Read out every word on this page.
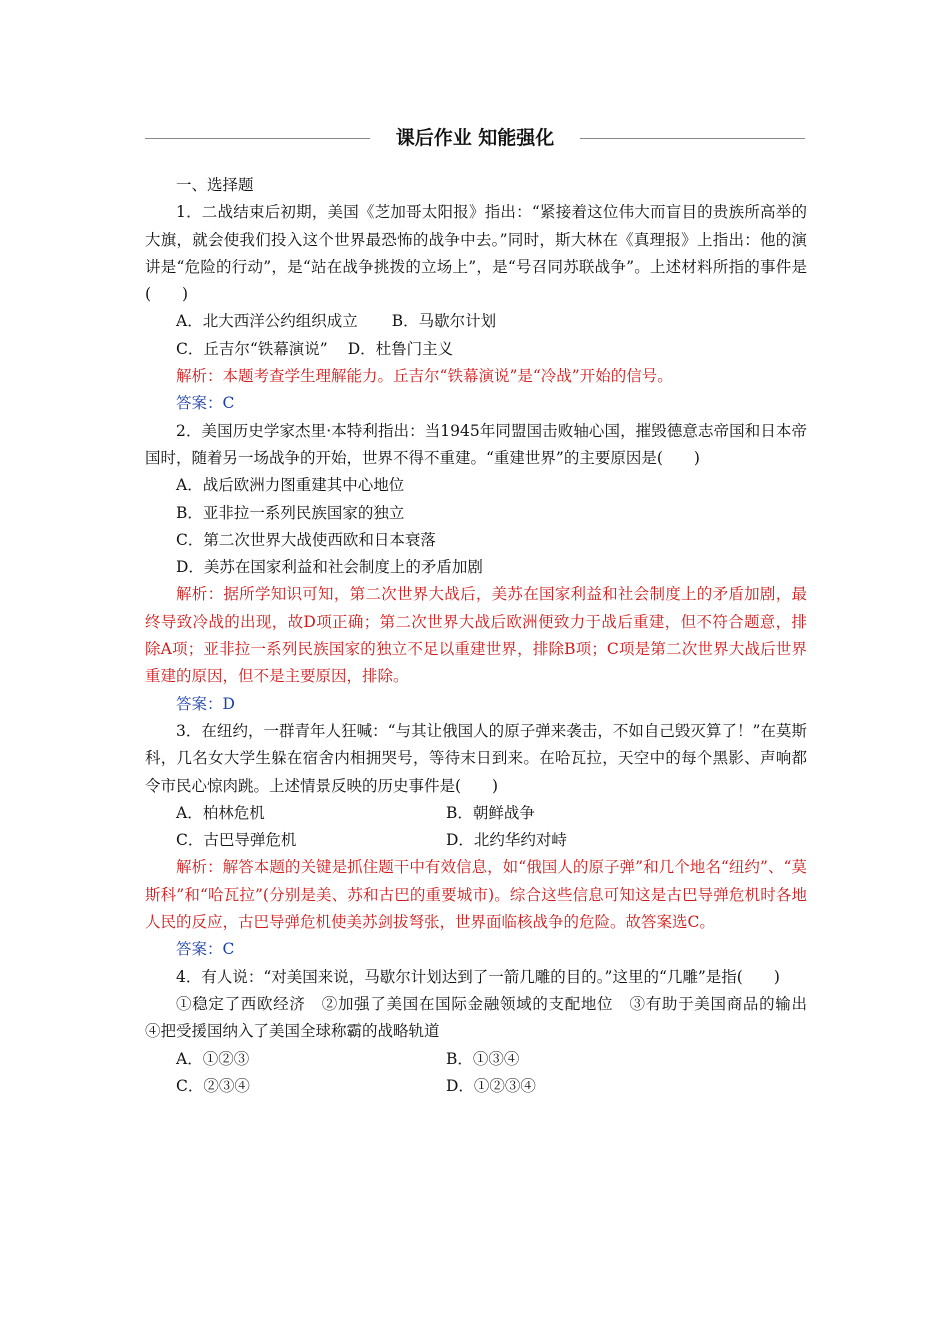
课后作业 知能强化

一、选择题

1．二战结束后初期，美国《芝加哥太阳报》指出：“紧接着这位伟大而盲目的贵族所高举的大旗，就会使我们投入这个世界最恐怖的战争中去。”同时，斯大林在《真理报》上指出：他的演讲是“危险的行动”，是“站在战争挑拨的立场上”，是“号召同苏联战争”。上述材料所指的事件是(　　)

A．北大西洋公约组织成立 B．马歇尔计划
C．丘吉尔“铁幕演说” D．杜鲁门主义

解析：本题考查学生理解能力。丘吉尔“铁幕演说”是“冷战”开始的信号。

答案：C

2．美国历史学家杰里·本特利指出：当1945年同盟国击败轴心国，摧毁德意志帝国和日本帝国时，随着另一场战争的开始，世界不得不重建。“重建世界”的主要原因是(　　)

A．战后欧洲力图重建其中心地位
B．亚非拉一系列民族国家的独立
C．第二次世界大战使西欧和日本衰落
D．美苏在国家利益和社会制度上的矛盾加剧

解析：据所学知识可知，第二次世界大战后，美苏在国家利益和社会制度上的矛盾加剧，最终导致冷战的出现，故D项正确；第二次世界大战后欧洲便致力于战后重建，但不符合题意，排除A项；亚非拉一系列民族国家的独立不足以重建世界，排除B项；C项是第二次世界大战后世界重建的原因，但不是主要原因，排除。

答案：D

3．在纽约，一群青年人狂喊：“与其让俄国人的原子弹来袭击，不如自己毁灭算了！”在莫斯科，几名女大学生躲在宿舍内相拥哭号，等待末日到来。在哈瓦拉，天空中的每个黑影、声响都令市民心惊肉跳。上述情景反映的历史事件是(　　)

A．柏林危机	B．朝鲜战争
C．古巴导弹危机	D．北约华约对峙

解析：解答本题的关键是抓住题干中有效信息，如“俄国人的原子弹”和几个地名“纽约”、“莫斯科”和“哈瓦拉”(分别是美、苏和古巴的重要城市)。综合这些信息可知这是古巴导弹危机时各地人民的反应，古巴导弹危机使美苏剑拔弩张，世界面临核战争的危险。故答案选C。

答案：C

4．有人说：“对美国来说，马歇尔计划达到了一箭几雕的目的。”这里的“几雕”是指(　　)

①稳定了西欧经济　②加强了美国在国际金融领域的支配地位　③有助于美国商品的输出　④把受援国纳入了美国全球称霸的战略轨道

A．①②③	B．①③④
C．②③④	D．①②③④
